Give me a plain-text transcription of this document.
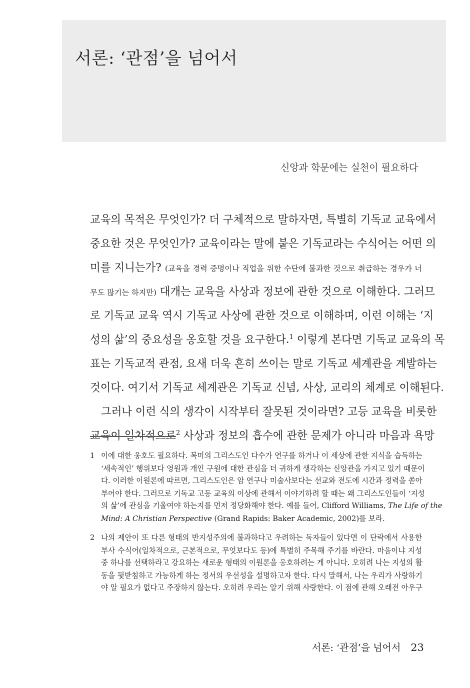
서론: ‘관점’을 넘어서
신앙과 학문에는 실천이 필요하다
교육의 목적은 무엇인가? 더 구체적으로 말하자면, 특별히 기독교 교육에서
중요한 것은 무엇인가? 교육이라는 말에 붙은 기독교라는 수식어는 어떤 의
미를 지니는가? (교육을 경력 증명이나 직업을 위한 수단에 불과한 것으로 취급하는 경우가 너
무도 많기는 하지만) 대개는 교육을 사상과 정보에 관한 것으로 이해한다. 그러므
로 기독교 교육 역시 기독교 사상에 관한 것으로 이해하며, 이런 이해는 ‘지
성의 삶’의 중요성을 옹호할 것을 요구한다.$^1$ 이렇게 본다면 기독교 교육의 목
표는 기독교적 관점, 요새 더욱 흔히 쓰이는 말로 기독교 세계관을 계발하는
것이다. 여기서 기독교 세계관은 기독교 신념, 사상, 교리의 체계로 이해된다.
그러나 이런 식의 생각이 시작부터 잘못된 것이라면? 고등 교육을 비롯한
교육이 일차적으로$^2$ 사상과 정보의 흡수에 관한 문제가 아니라 마음과 욕망
1 이에 대한 웅호도 필요하다. 복미의 그리스도인 다수가 연구를 하거나 이 세상에 관한 지식을 습득하는
‘세속적인’ 행위보다 영원과 개인 구원에 대한 관심을 더 귀하게 생각하는 신앙관을 가지고 있기 때문이
다. 이러한 이원론에 따르면, 그리스도인은 암 연구나 미술사보다는 선교와 전도에 시간과 정력을 쏟아
부어야 한다. 그러므로 기독교 고등 교육의 이상에 관해서 이야기하려 할 때는 왜 그리스도인들이 ‘지성
의 삶’에 관심을 기울여야 하는지를 먼저 정당화해야 한다. 예를 들어, Clifford Williams, The Life of the
Mind: A Christian Perspective (Grand Rapids: Baker Academic, 2002)를 보라.
2 나의 제안이 또 다른 형태의 반지성주의에 불과하다고 우려하는 독자들이 있다면 이 단락에서 사용한
부사 수식어(일차적으로, 근본적으로, 무엇보다도 등)에 특별히 주목해 주기를 바란다. 마음이냐 지성
중 하나를 선택하라고 강요하는 새로운 형태의 이원론을 옹호하려는 게 아니다. 오히려 나는 지성의 활
동을 뒷받침하고 가능하게 하는 정서의 우선성을 설명하고자 한다. 다시 말해서, 나는 우리가 사랑하기
야 알 필요가 없다고 주장하지 않는다. 오히려 우리는 알기 위해 사랑한다. 이 점에 관해 오래전 아우구
서론: ‘관점’을 넘어서 23
